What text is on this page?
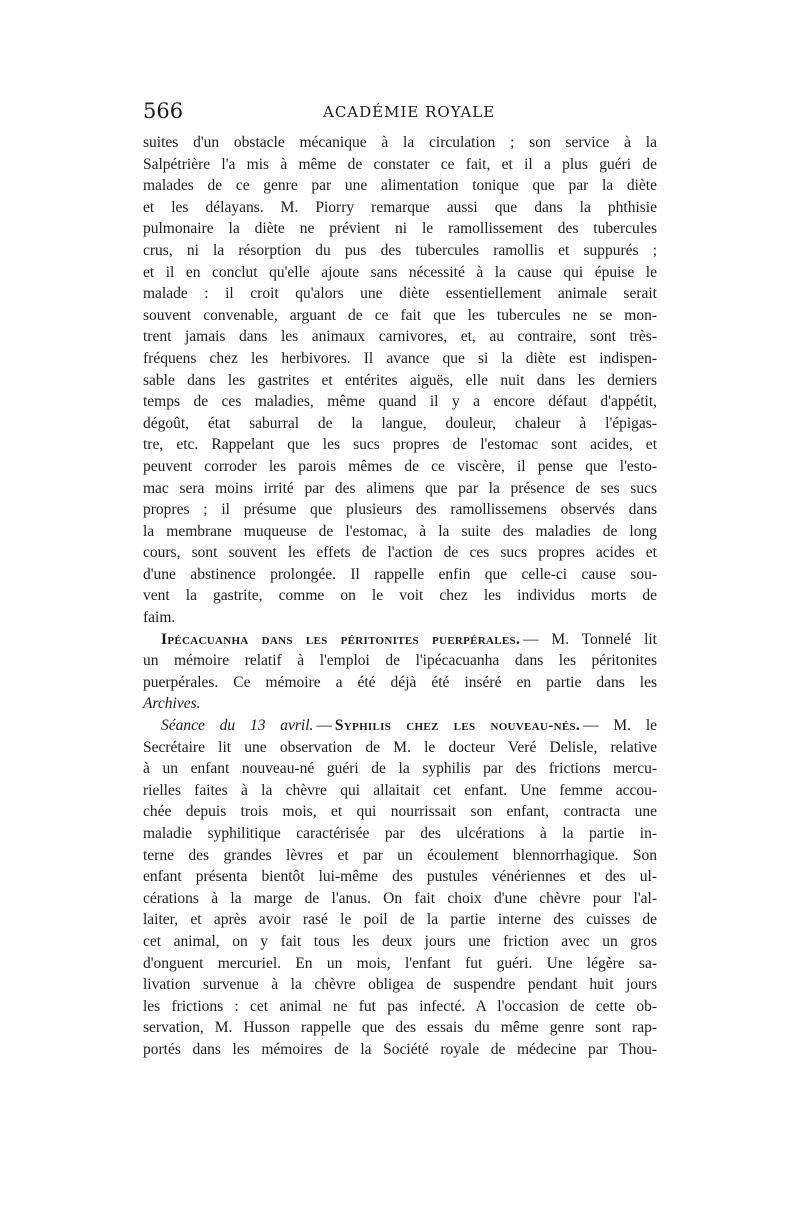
566	ACADÉMIE ROYALE
suites d'un obstacle mécanique à la circulation ; son service à la
Salpétrière l'a mis à même de constater ce fait, et il a plus guéri de
malades de ce genre par une alimentation tonique que par la diète
et les délayans. M. Piorry remarque aussi que dans la phthisie
pulmonaire la diète ne prévient ni le ramollissement des tubercules
crus, ni la résorption du pus des tubercules ramollis et suppurés ;
et il en conclut qu'elle ajoute sans nécessité à la cause qui épuise le
malade : il croit qu'alors une diète essentiellement animale serait
souvent convenable, arguant de ce fait que les tubercules ne se mon-
trent jamais dans les animaux carnivores, et, au contraire, sont très-
fréquens chez les herbivores. Il avance que si la diète est indispen-
sable dans les gastrites et entérites aiguës, elle nuit dans les derniers
temps de ces maladies, même quand il y a encore défaut d'appétit,
dégoût, état saburral de la langue, douleur, chaleur à l'épigas-
tre, etc. Rappelant que les sucs propres de l'estomac sont acides, et
peuvent corroder les parois mêmes de ce viscère, il pense que l'esto-
mac sera moins irrité par des alimens que par la présence de ses sucs
propres ; il présume que plusieurs des ramollissemens observés dans
la membrane muqueuse de l'estomac, à la suite des maladies de long
cours, sont souvent les effets de l'action de ces sucs propres acides et
d'une abstinence prolongée. Il rappelle enfin que celle-ci cause sou-
vent la gastrite, comme on le voit chez les individus morts de
faim.
Ipécacuanha dans les péritonites puerpérales. — M. Tonnelé lit
un mémoire relatif à l'emploi de l'ipécacuanha dans les péritonites
puerpérales. Ce mémoire a été déjà été inséré en partie dans les
Archives.
Séance du 13 avril. — Syphilis chez les nouveau-nés. — M. le
Secrétaire lit une observation de M. le docteur Veré Delisle, relative
à un enfant nouveau-né guéri de la syphilis par des frictions mercu-
rielles faites à la chèvre qui allaitait cet enfant. Une femme accou-
chée depuis trois mois, et qui nourrissait son enfant, contracta une
maladie syphilitique caractérisée par des ulcérations à la partie in-
terne des grandes lèvres et par un écoulement blennorrhagique. Son
enfant présenta bientôt lui-même des pustules vénériennes et des ul-
cérations à la marge de l'anus. On fait choix d'une chèvre pour l'al-
laiter, et après avoir rasé le poil de la partie interne des cuisses de
cet animal, on y fait tous les deux jours une friction avec un gros
d'onguent mercuriel. En un mois, l'enfant fut guéri. Une légère sa-
livation survenue à la chèvre obligea de suspendre pendant huit jours
les frictions : cet animal ne fut pas infecté. A l'occasion de cette ob-
servation, M. Husson rappelle que des essais du même genre sont rap-
portés dans les mémoires de la Société royale de médecine par Thou-
